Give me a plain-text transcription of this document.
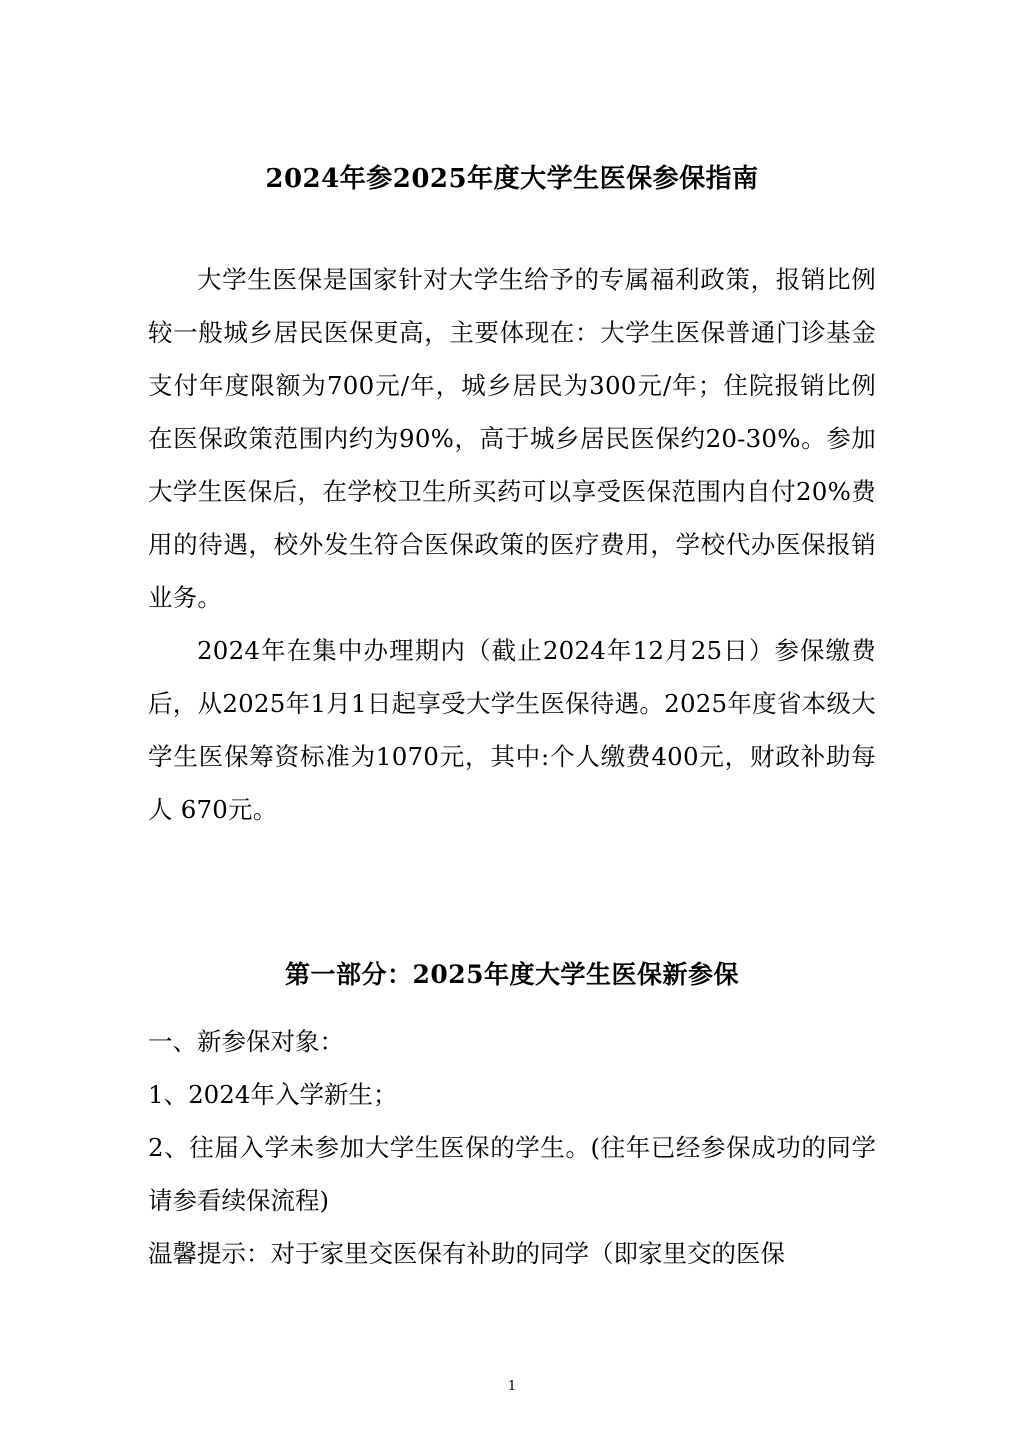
2024年参2025年度大学生医保参保指南

大学生医保是国家针对大学生给予的专属福利政策，报销比例较一般城乡居民医保更高，主要体现在：大学生医保普通门诊基金支付年度限额为700元/年，城乡居民为300元/年；住院报销比例在医保政策范围内约为90%，高于城乡居民医保约20-30%。参加大学生医保后，在学校卫生所买药可以享受医保范围内自付20%费用的待遇，校外发生符合医保政策的医疗费用，学校代办医保报销业务。

2024年在集中办理期内（截止2024年12月25日）参保缴费后，从2025年1月1日起享受大学生医保待遇。2025年度省本级大学生医保筹资标准为1070元，其中:个人缴费400元，财政补助每人 670元。

第一部分：2025年度大学生医保新参保

一、新参保对象：

1、2024年入学新生；

2、往届入学未参加大学生医保的学生。(往年已经参保成功的同学请参看续保流程)

温馨提示：对于家里交医保有补助的同学（即家里交的医保

1
